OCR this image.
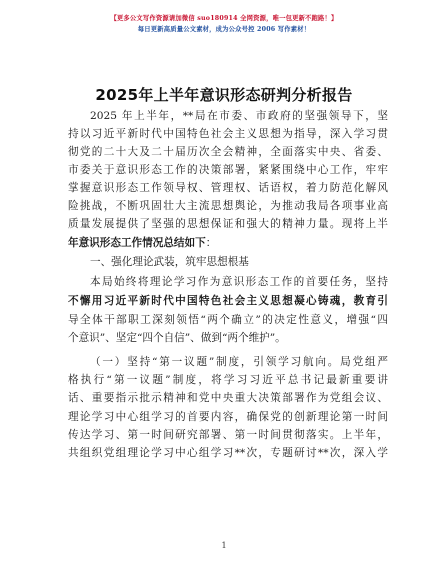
【更多公文写作资源请加微信 suo180914 全网资源，唯一包更新不跑路！】
每日更新高质量公文素材，成为公众号控 2006 写作素材！
2025年上半年意识形态研判分析报告
2025 年上半年，**局在市委、市政府的坚强领导下，坚
持以习近平新时代中国特色社会主义思想为指导，深入学习贯
彻党的二十大及二十届历次全会精神，全面落实中央、省委、
市委关于意识形态工作的决策部署，紧紧围绕中心工作，牢牢
掌握意识形态工作领导权、管理权、话语权，着力防范化解风
险挑战，不断巩固壮大主流思想舆论，为推动我局各项事业高
质量发展提供了坚强的思想保证和强大的精神力量。现将上半
年意识形态工作情况总结如下：
一、强化理论武装，筑牢思想根基
本局始终将理论学习作为意识形态工作的首要任务，坚持
不懈用习近平新时代中国特色社会主义思想凝心铸魂，教育引
导全体干部职工深刻领悟“两个确立”的决定性意义，增强“四
个意识”、坚定“四个自信”、做到“两个维护”。
（一）坚持“第一议题”制度，引领学习航向。局党组严
格执行“第一议题”制度，将学习习近平总书记最新重要讲
话、重要指示批示精神和党中央重大决策部署作为党组会议、
理论学习中心组学习的首要内容，确保党的创新理论第一时间
传达学习、第一时间研究部署、第一时间贯彻落实。上半年，
共组织党组理论学习中心组学习**次，专题研讨**次，深入学
1
